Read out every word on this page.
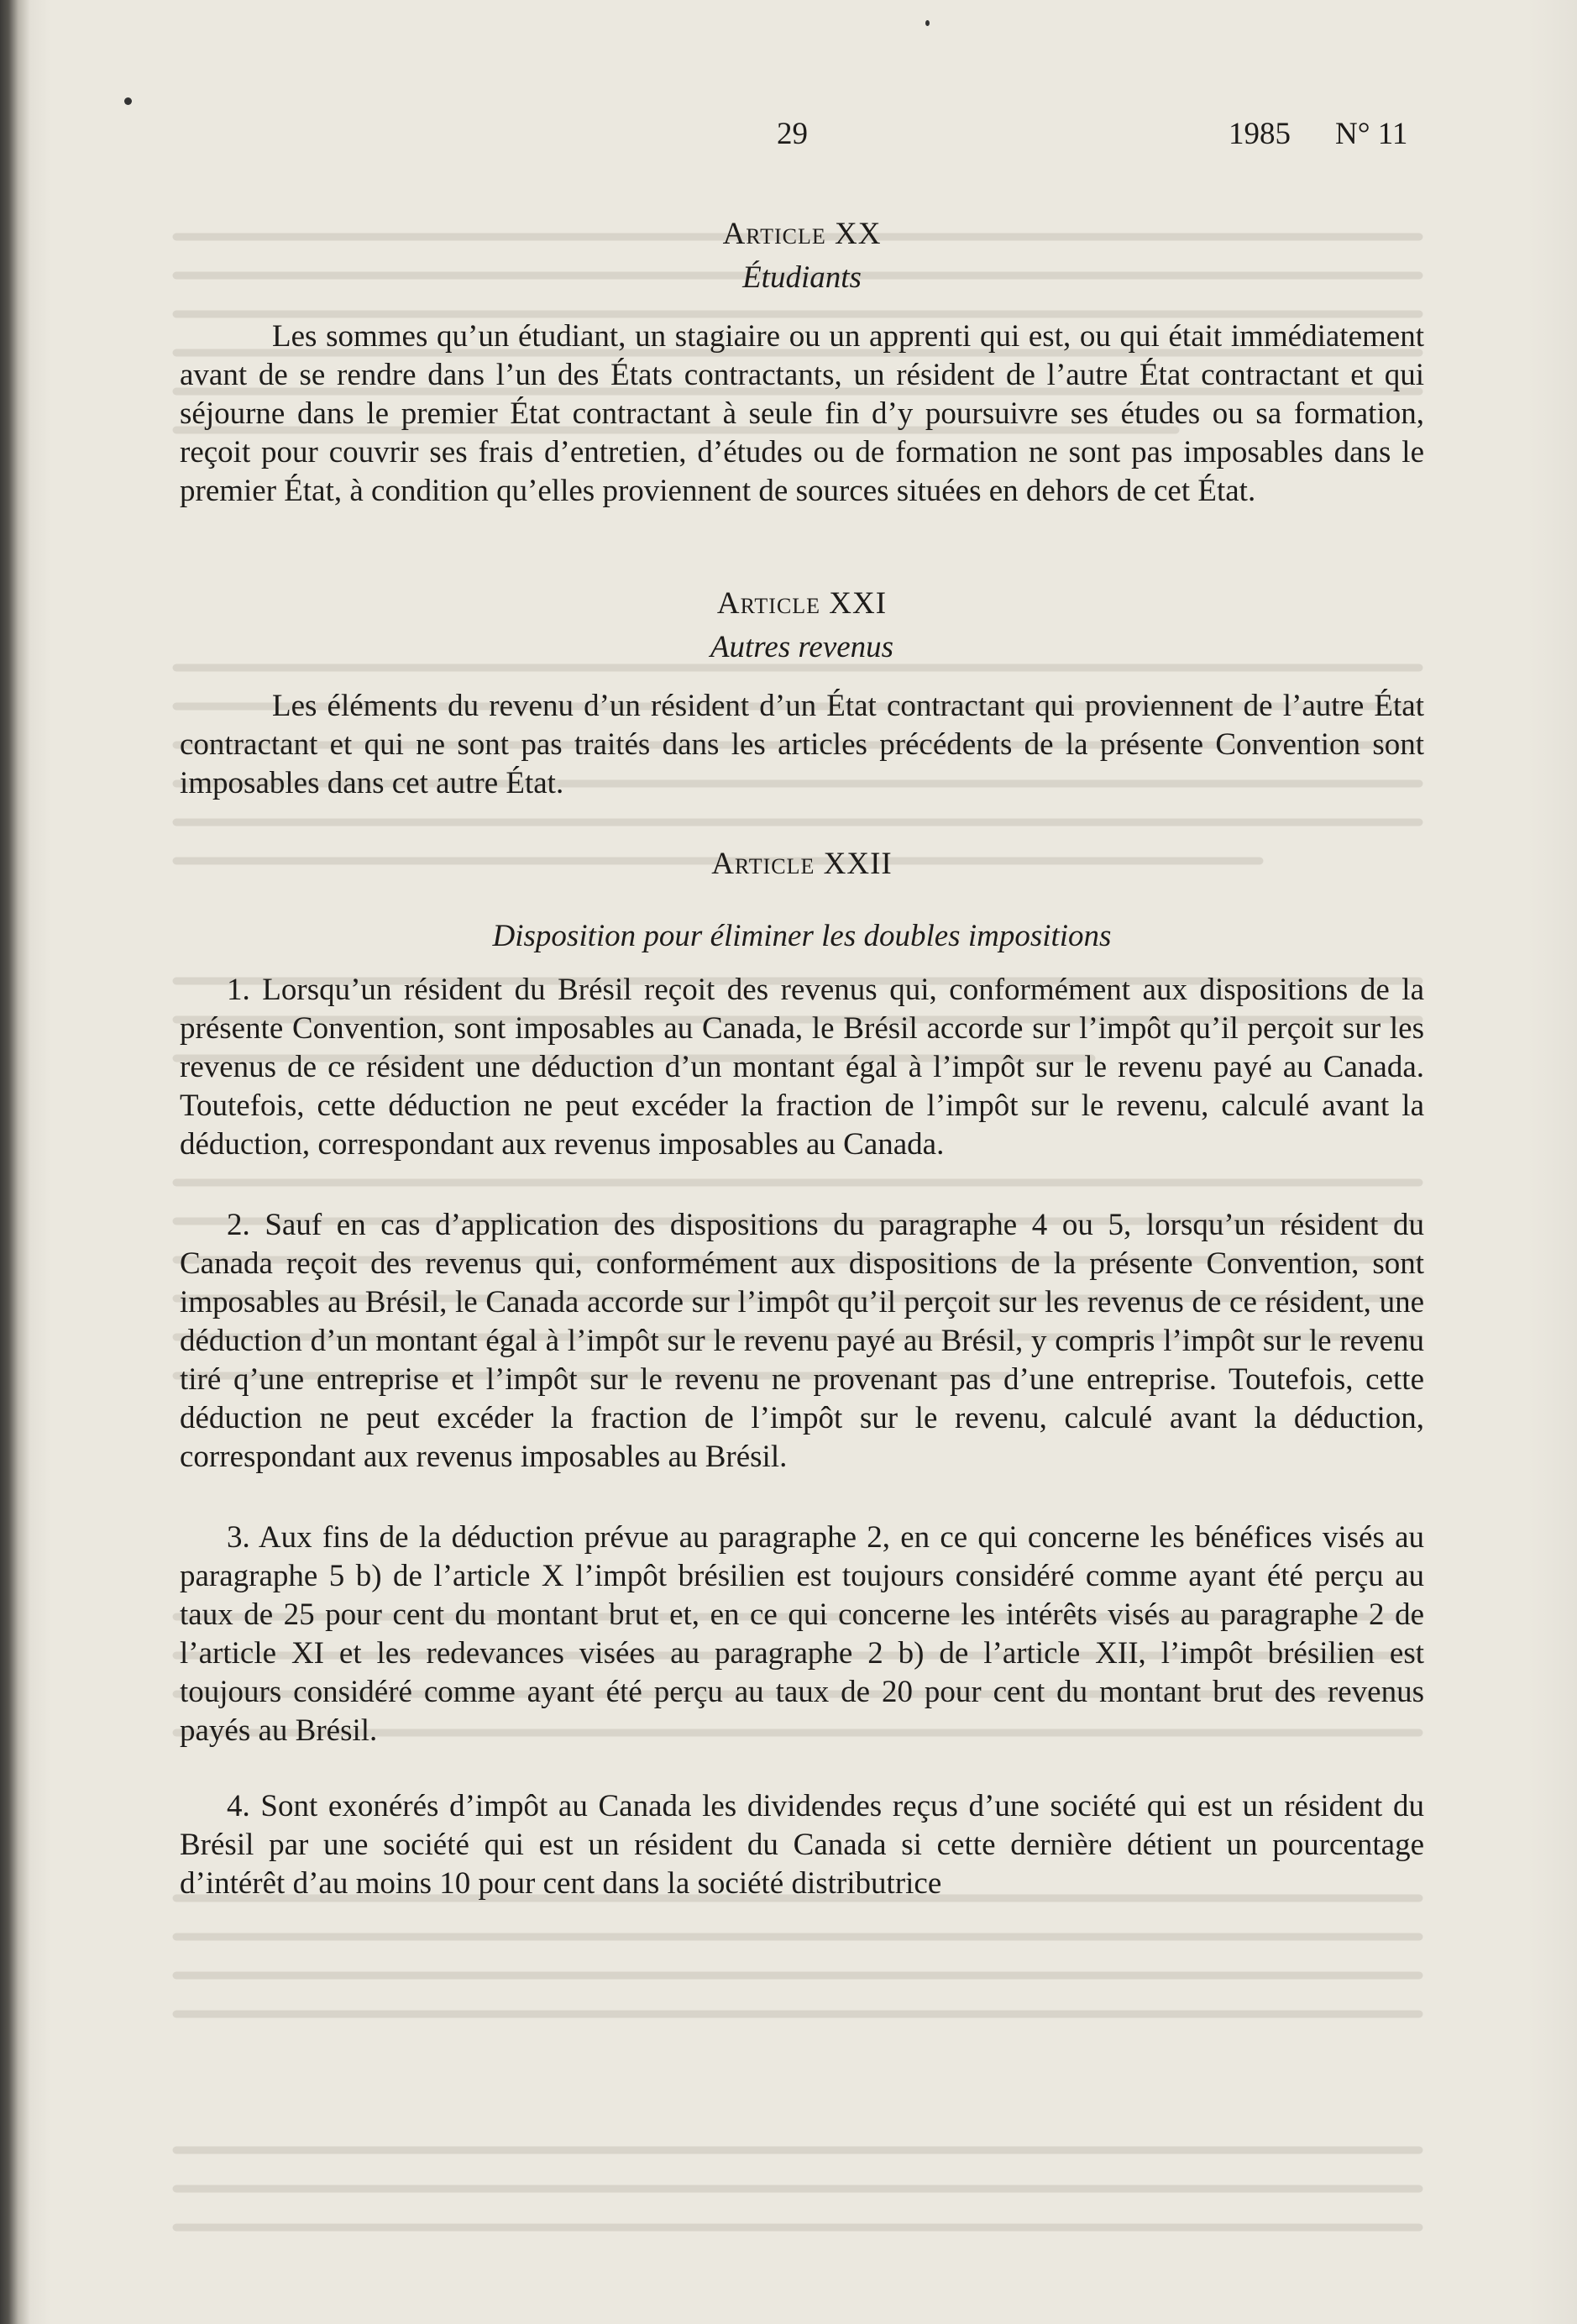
29	1985 N° 11
Article XX
Étudiants

Les sommes qu’un étudiant, un stagiaire ou un apprenti qui est, ou qui était immédiatement avant de se rendre dans l’un des États contractants, un résident de l’autre État contractant et qui séjourne dans le premier État contractant à seule fin d’y poursuivre ses études ou sa formation, reçoit pour couvrir ses frais d’entretien, d’études ou de formation ne sont pas imposables dans le premier État, à condition qu’elles proviennent de sources situées en dehors de cet État.

Article XXI
Autres revenus

Les éléments du revenu d’un résident d’un État contractant qui proviennent de l’autre État contractant et qui ne sont pas traités dans les articles précédents de la présente Convention sont imposables dans cet autre État.

Article XXII
Disposition pour éliminer les doubles impositions

1. Lorsqu’un résident du Brésil reçoit des revenus qui, conformément aux dispositions de la présente Convention, sont imposables au Canada, le Brésil accorde sur l’impôt qu’il perçoit sur les revenus de ce résident une déduction d’un montant égal à l’impôt sur le revenu payé au Canada. Toutefois, cette déduction ne peut excéder la fraction de l’impôt sur le revenu, calculé avant la déduction, correspondant aux revenus imposables au Canada.

2. Sauf en cas d’application des dispositions du paragraphe 4 ou 5, lorsqu’un résident du Canada reçoit des revenus qui, conformément aux dispositions de la présente Convention, sont imposables au Brésil, le Canada accorde sur l’impôt qu’il perçoit sur les revenus de ce résident, une déduction d’un montant égal à l’impôt sur le revenu payé au Brésil, y compris l’impôt sur le revenu tiré q’une entreprise et l’impôt sur le revenu ne provenant pas d’une entreprise. Toutefois, cette déduction ne peut excéder la fraction de l’impôt sur le revenu, calculé avant la déduction, correspondant aux revenus imposables au Brésil.

3. Aux fins de la déduction prévue au paragraphe 2, en ce qui concerne les bénéfices visés au paragraphe 5 b) de l’article X l’impôt brésilien est toujours considéré comme ayant été perçu au taux de 25 pour cent du montant brut et, en ce qui concerne les intérêts visés au paragraphe 2 de l’article XI et les redevances visées au paragraphe 2 b) de l’article XII, l’impôt brésilien est toujours considéré comme ayant été perçu au taux de 20 pour cent du montant brut des revenus payés au Brésil.

4. Sont exonérés d’impôt au Canada les dividendes reçus d’une société qui est un résident du Brésil par une société qui est un résident du Canada si cette dernière détient un pourcentage d’intérêt d’au moins 10 pour cent dans la société distributrice
